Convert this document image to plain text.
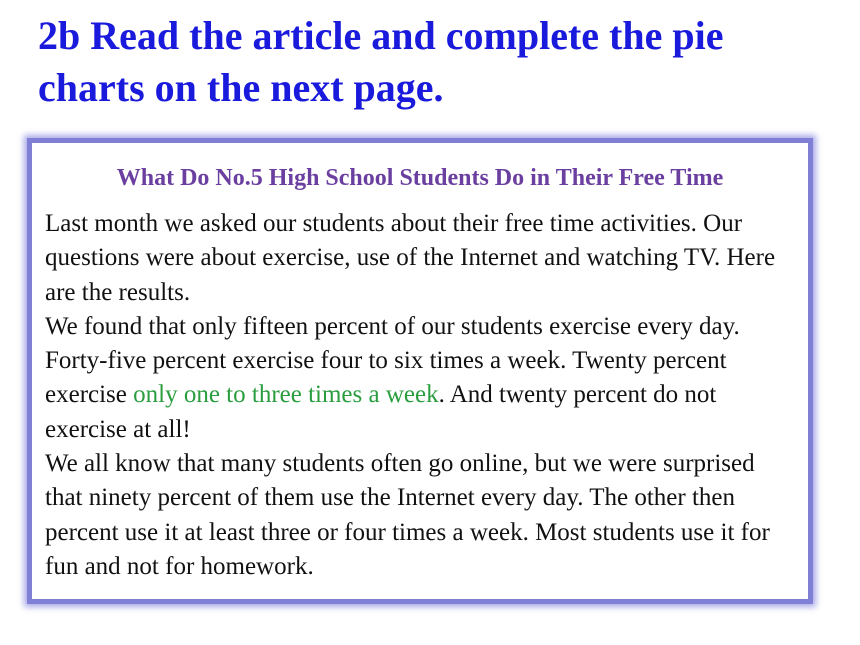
2b Read the article and complete the pie charts on the next page.
What Do No.5 High School Students Do in Their Free Time

Last month we asked our students about their free time activities. Our questions were about exercise, use of the Internet and watching TV. Here are the results.

We found that only fifteen percent of our students exercise every day. Forty-five percent exercise four to six times a week. Twenty percent exercise only one to three times a week. And twenty percent do not exercise at all!

We all know that many students often go online, but we were surprised that ninety percent of them use the Internet every day. The other then percent use it at least three or four times a week. Most students use it for fun and not for homework.
